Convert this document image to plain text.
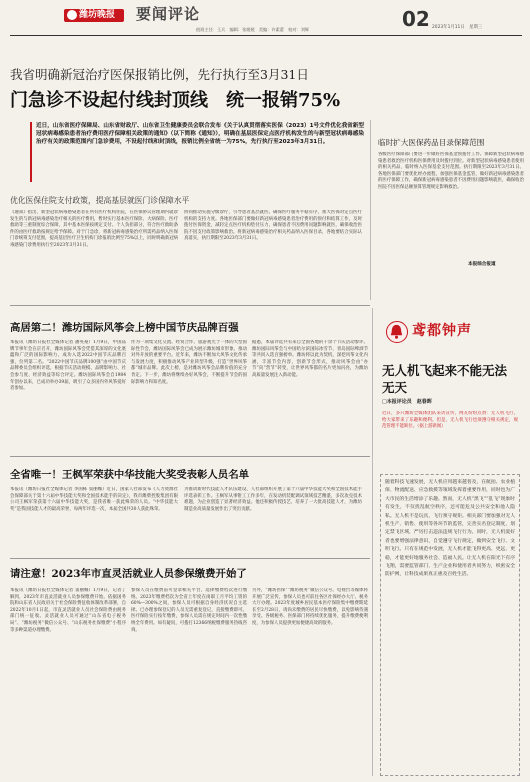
潍坊晚报 要闻评论
值班主任：王兵　编辑：张媛媛　美编：许素蕾　校对：刘辉	02 2023年1月11日　星期三
我省明确新冠治疗医保报销比例，先行执行至3月31日
门急诊不设起付线封顶线　统一报销75%
近日，山东省医疗保障局、山东省财政厅、山东省卫生健康委员会联合发布《关于认真贯彻落实医保（2023）1号文件优化我省新型冠状病毒感染患者治疗费用医疗保障相关政策的通知》（以下简称《通知》），明确在基层医保定点医疗机构发生的与新型冠状病毒感染治疗有关的政策范围内门急诊费用，不设起付线和封顶线，报销比例全省统一为75%，先行执行至2023年3月31日。
优化医保住院支付政策，提高基层就医门诊保障水平
《通知》指出，新型冠状病毒感染患者在所有医疗机构住院，在医保协议管理期内就诊发生的与新冠病毒感染治疗相关的医疗费用，暂时实行基本医疗保险、大病保险、医疗救助等三重制度综合保障，其中基本医保按规定支付。个人负担部分，符合医疗救助条件的由医疗救助按规定给予保障。对于门急诊，将新冠病毒感染治疗所需药品纳入医保门诊统筹支付范围，提高基层医疗卫生机构门诊报销比例至75%以上，同时明确新冠病毒感染门诊费用执行至2023年3月31日。
协同推动实施分级诊疗，引导患者基层就医。确保医疗服务平稳有序，加大医保对定点医疗机构的支持力度。各地医保部门要做好新冠病毒感染患者治疗费用的预付和结算工作，及时拨付医保资金，减轻定点医疗机构垫付压力，确保患者不因费用问题影响就医，确保收治医院不因支付政策影响救治。将新冠病毒感染治疗相关药品纳入医保目录，各地要结合实际认真落实，执行期限至2023年3月31日。
临时扩大医保药品目录保障范围
各级医疗保障部门要进一步做好医保基金预拨付工作。保障新型冠状病毒感染患者救治医疗机构医保费用及时拨付到位。对新型冠状病毒感染患者使用的相关药品，临时纳入医保基金支付范围。执行期限至2023年3月31日。各地医保部门要优化经办流程，加强医保基金监管，做好新冠病毒感染患者的医疗保障工作，确保新冠病毒感染患者不因费用问题影响就医，确保收治医院不因医保总额预算管理规定影响救治。
本报综合报道
高居第二！潍坊国际风筝会上榜中国节庆品牌百强
本报讯（潍坊日报社全媒体记者 潘英豪）1月9日，中国品牌节事年会在京召开，潍坊国际风筝会凭借其深厚的文化底蕴和广泛的国际影响力，成功入选2022中国节庆品牌百强，位列第二名。“2022中国节庆品牌100强”由中国节庆品牌委员会组织评选，根据节庆活动规模、品牌影响力、社会参与度、经济效益等综合评定。潍坊国际风筝会自1984年创办以来，已成功举办39届，吸引了众多国内外风筝爱好者参加。
作为一项集文化交流、经贸合作、旅游观光于一体的大型国际性节会，潍坊国际风筝会已成为展示潍坊城市形象、推动对外开放的重要平台。近年来，潍坊不断加大风筝文化传承与发展力度，积极推动风筝产业转型升级，打造“世界风筝都”城市品牌。此次上榜，是对潍坊风筝会品牌价值的充分肯定。下一步，潍坊将继续办好风筝会，不断提升节会的国际影响力和知名度。
据悉，本届评选共有来自全国各地的千余个节庆活动参评。潍坊国际风筝会与中国哈尔滨国际冰雪节、青岛国际啤酒节等共同入选百强榜单。潍坊将以此为契机，深挖风筝文化内涵，丰富节会内容，创新节会形式，推动风筝会由“办节”向“营节”转变，让世界风筝都的名片更加闪亮，为潍坊高质量发展注入新动能。
全省唯一！王枫军荣获中华技能大奖受表彰人员名单
本报讯（潍坊日报社全媒体记者 李国栋 窦丽娜）近日，国家人社部发布《人力资源社会保障部关于第十六届中华技能大奖和全国技术能手的决定》，我市潍柴控股集团有限公司王枫军荣获第十六届中华技能大奖，是我省唯一获此殊荣的人员。“中华技能大奖”是我国技能人才的最高荣誉，每两年评选一次，本届全国共30人获此殊荣。
为推动新时代技能人才队伍建设，人社部组织开展了第十六届中华技能大奖和全国技术能手评选表彰工作。王枫军从事钳工工作多年，在发动机装配调试领域技艺精湛，多次攻克技术难题，为企业创造了显著经济效益。他还积极传授技艺，培养了一大批高技能人才，为潍坊制造业高质量发展作出了突出贡献。
请注意！2023年市直灵活就业人员参保缴费开始了
本报讯（潍坊日报社全媒体记者 窦丽娜）1月9日，记者了解到，2023年市直灵活就业人员参保缴费开始。依据国务院和山东省人民政府关于社会保险费征收体制改革部署，自2022年10月1日起，市直灵活就业人员社会保险费由税务部门统一征收。灵活就业人员可通过“山东省电子税务局”、“潍坊税务”微信公众号、“山东税务社保缴费”小程序等多种渠道办理缴费。
参保人员在缴费前可登录相关平台，选择缴费档次进行缴纳。2023年缴费档次为全省上年度在岗职工月平均工资的60%—300%之间，参保人员可根据自身经济状况自主选择。已办理参保登记的人员无需重复登记，直接缴费即可。医疗保险实行按年缴费，参保人员需在规定时间内一次性缴纳全年费用。如有疑问，可拨打12366纳税缴费服务热线咨询。
另外，“潍坊医保”“潍坊税务”微信公众号、电视台等媒体将开展广泛宣传，参保人员也可前往各区社保经办大厅、税务大厅办理。2023年度城乡居民基本医疗保险集中缴费期延长至2月28日，请尚未缴费的居民尽快缴费，以免影响待遇享受。各级税务、医保部门将持续优化服务，提升缴费便利度，为参保人员提供更加便捷高效的服务。
鸢都钟声
无人机飞起来不能无法无天
□本报评论员　赵春晖
近日，多只潍坊全媒体团队采访宣传，网友纷纷点赞：无人机飞行，给大家带来了乐趣和便利。但是，无人机飞行也须遵守相关规定，规范管理不能缺位。（据上游新闻）
随着科技飞速发展，无人机应用越来越普及，在航拍、农业植保、物流配送、应急救援等领域发挥着重要作用，同时也为广大市民的生活增添了乐趣。然而，无人机“黑飞”“乱飞”现象时有发生，不仅扰乱航空秩序，还可能危及公共安全和他人隐私。无人机不是玩具，飞行须守规矩。相关部门要加强对无人机生产、销售、使用等各环节的监管，完善实名登记制度，划定禁飞区域，严厉打击违法违规飞行行为。同时，无人机爱好者也要增强法律意识，自觉遵守飞行规定，做到安全飞行、文明飞行。只有在规范中发展，无人机才能飞得更高、更远、更稳，才能更好地服务社会、造福人民。让无人机在阳光下有序飞翔，需要监管部门、生产企业和使用者共同努力，织密安全防护网，让科技成果真正惠及百姓生活。
